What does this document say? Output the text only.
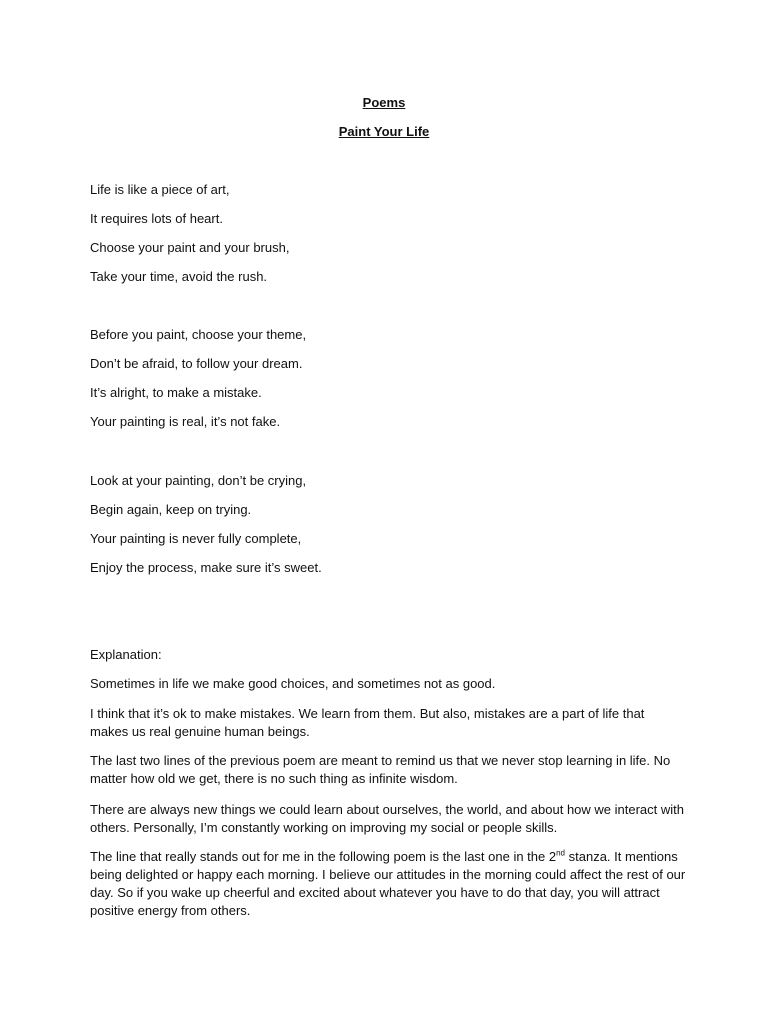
Poems
Paint Your Life
Life is like a piece of art,
It requires lots of heart.
Choose your paint and your brush,
Take your time, avoid the rush.
Before you paint, choose your theme,
Don’t be afraid, to follow your dream.
It’s alright, to make a mistake.
Your painting is real, it’s not fake.
Look at your painting, don’t be crying,
Begin again, keep on trying.
Your painting is never fully complete,
Enjoy the process, make sure it’s sweet.
Explanation:
Sometimes in life we make good choices, and sometimes not as good.
I think that it’s ok to make mistakes. We learn from them. But also, mistakes are a part of life that makes us real genuine human beings.
The last two lines of the previous poem are meant to remind us that we never stop learning in life. No matter how old we get, there is no such thing as infinite wisdom.
There are always new things we could learn about ourselves, the world, and about how we interact with others. Personally, I’m constantly working on improving my social or people skills.
The line that really stands out for me in the following poem is the last one in the 2nd stanza. It mentions being delighted or happy each morning. I believe our attitudes in the morning could affect the rest of our day. So if you wake up cheerful and excited about whatever you have to do that day, you will attract positive energy from others.
